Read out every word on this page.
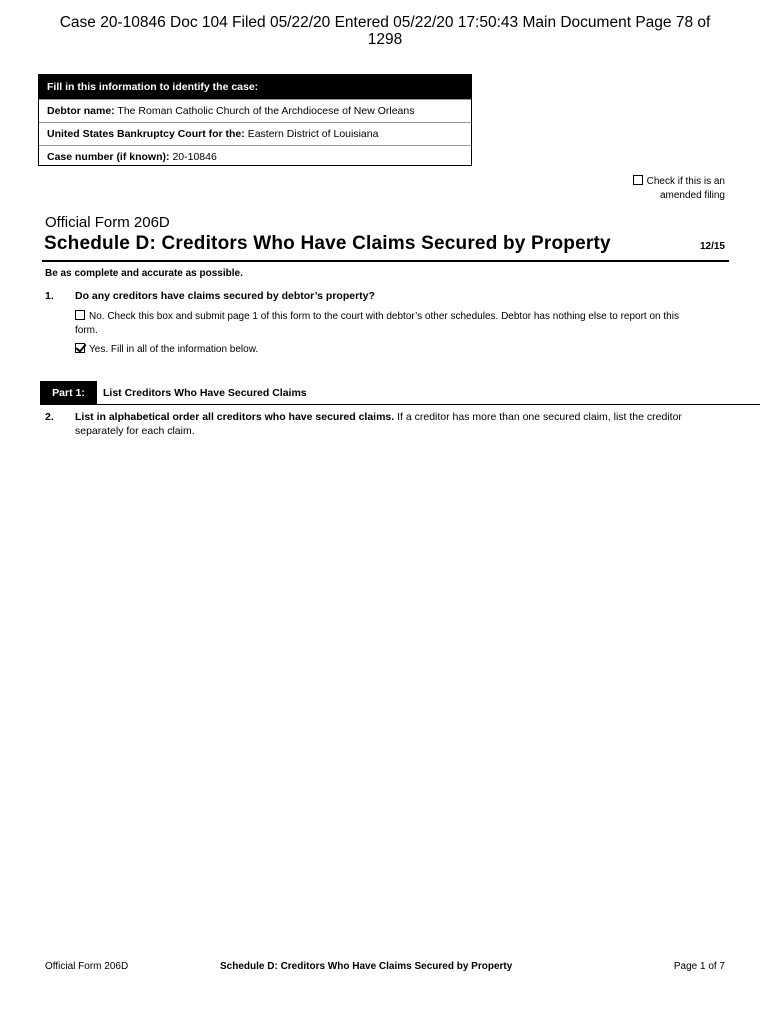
Case 20-10846 Doc 104 Filed 05/22/20 Entered 05/22/20 17:50:43 Main Document Page 78 of
1298
Fill in this information to identify the case:
Debtor name: The Roman Catholic Church of the Archdiocese of New Orleans
United States Bankruptcy Court for the: Eastern District of Louisiana
Case number (if known): 20-10846
Check if this is an
amended filing
Official Form 206D
Schedule D: Creditors Who Have Claims Secured by Property	12/15
Be as complete and accurate as possible.
1. Do any creditors have claims secured by debtor’s property?
No. Check this box and submit page 1 of this form to the court with debtor’s other schedules. Debtor has nothing else to report on this
form.
Yes. Fill in all of the information below.
Part 1:	List Creditors Who Have Secured Claims
2. List in alphabetical order all creditors who have secured claims. If a creditor has more than one secured claim, list the creditor separately for each claim.
Official Form 206D	Schedule D: Creditors Who Have Claims Secured by Property	Page 1 of 7
